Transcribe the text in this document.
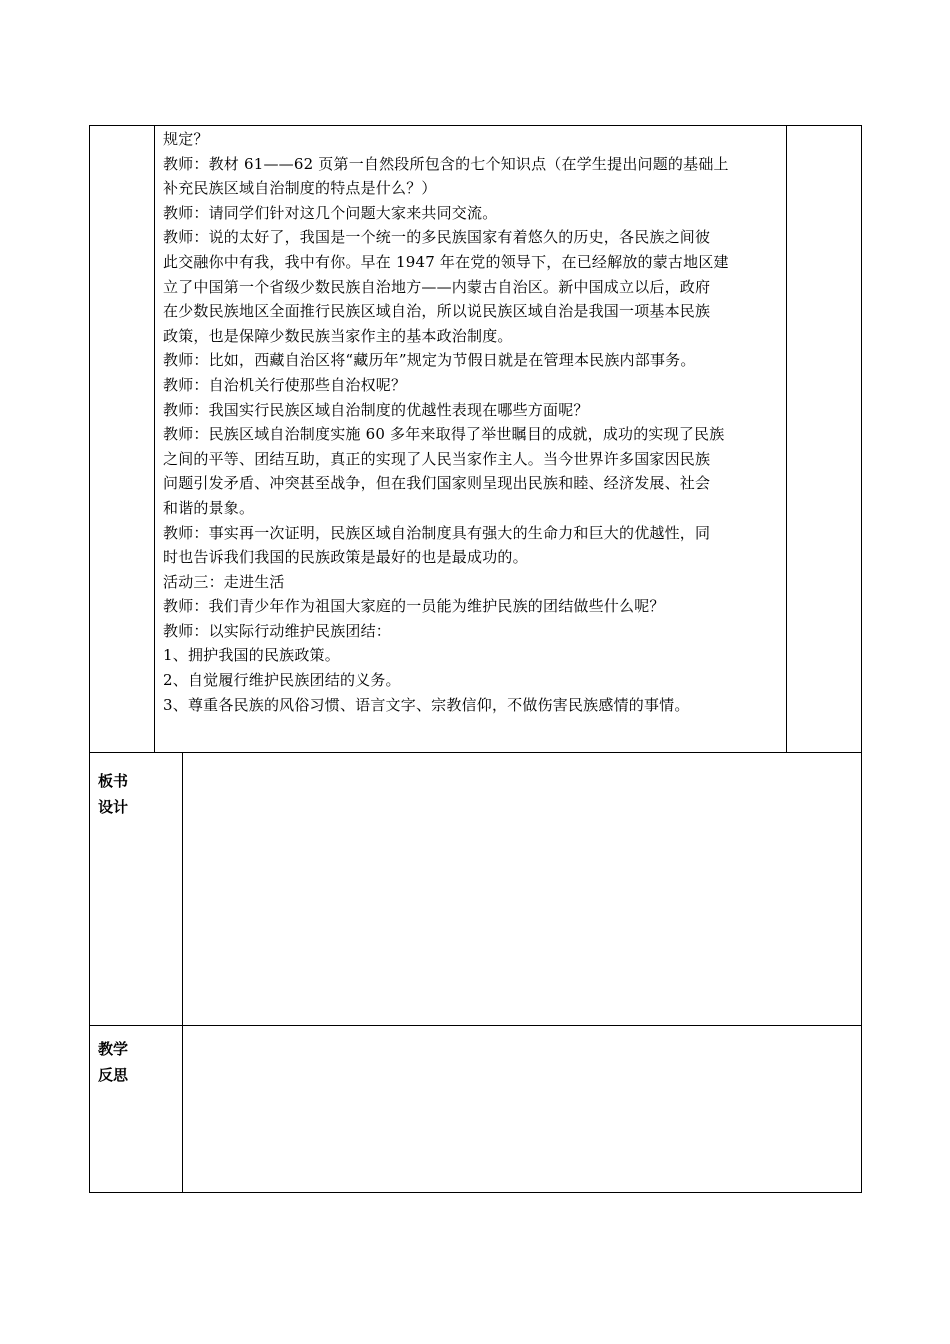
规定？
教师：教材 61——62 页第一自然段所包含的七个知识点（在学生提出问题的基础上
补充民族区域自治制度的特点是什么？）
教师：请同学们针对这几个问题大家来共同交流。
教师：说的太好了，我国是一个统一的多民族国家有着悠久的历史，各民族之间彼
此交融你中有我，我中有你。早在 1947 年在党的领导下，在已经解放的蒙古地区建
立了中国第一个省级少数民族自治地方——内蒙古自治区。新中国成立以后，政府
在少数民族地区全面推行民族区域自治，所以说民族区域自治是我国一项基本民族
政策，也是保障少数民族当家作主的基本政治制度。
教师：比如，西藏自治区将“藏历年”规定为节假日就是在管理本民族内部事务。
教师：自治机关行使那些自治权呢？
教师：我国实行民族区域自治制度的优越性表现在哪些方面呢？
教师：民族区域自治制度实施 60 多年来取得了举世瞩目的成就，成功的实现了民族
之间的平等、团结互助，真正的实现了人民当家作主人。当今世界许多国家因民族
问题引发矛盾、冲突甚至战争，但在我们国家则呈现出民族和睦、经济发展、社会
和谐的景象。
教师：事实再一次证明，民族区域自治制度具有强大的生命力和巨大的优越性，同
时也告诉我们我国的民族政策是最好的也是最成功的。
活动三：走进生活
教师：我们青少年作为祖国大家庭的一员能为维护民族的团结做些什么呢？
教师：以实际行动维护民族团结：
1、拥护我国的民族政策。
2、自觉履行维护民族团结的义务。
3、尊重各民族的风俗习惯、语言文字、宗教信仰，不做伤害民族感情的事情。
板书
设计
教学
反思
